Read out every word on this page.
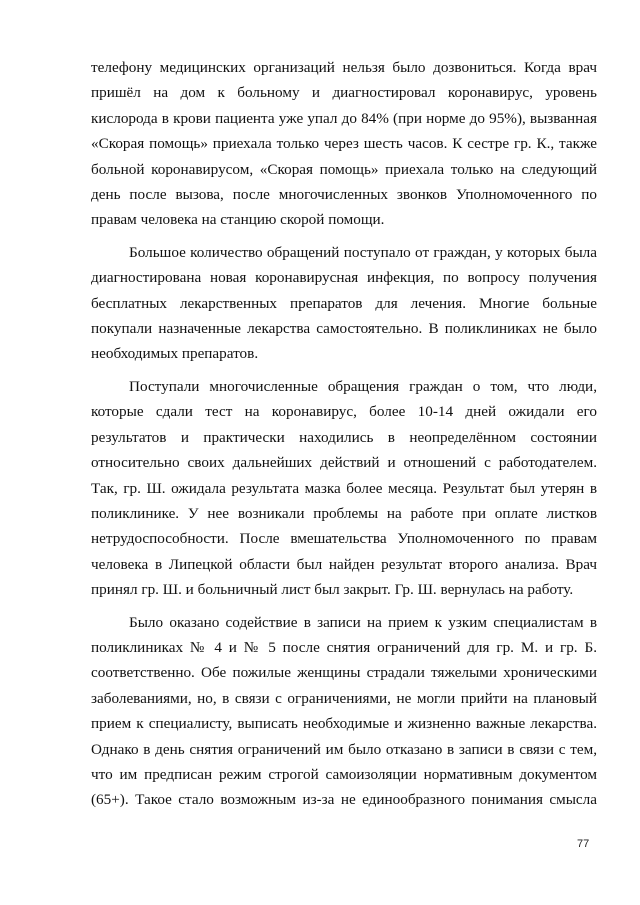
телефону медицинских организаций нельзя было дозвониться. Когда врач
пришёл на дом к больному и диагностировал коронавирус, уровень
кислорода в крови пациента уже упал до 84% (при норме до 95%), вызванная
«Скорая помощь» приехала только через шесть часов. К сестре гр. К., также
больной коронавирусом, «Скорая помощь» приехала только на следующий
день после вызова, после многочисленных звонков Уполномоченного по
правам человека на станцию скорой помощи.

Большое количество обращений поступало от граждан, у которых была
диагностирована новая коронавирусная инфекция, по вопросу получения
бесплатных лекарственных препаратов для лечения. Многие больные
покупали назначенные лекарства самостоятельно. В поликлиниках не было
необходимых препаратов.

Поступали многочисленные обращения граждан о том, что люди,
которые сдали тест на коронавирус, более 10-14 дней ожидали его
результатов и практически находились в неопределённом состоянии
относительно своих дальнейших действий и отношений с работодателем.
Так, гр. Ш. ожидала результата мазка более месяца. Результат был утерян в
поликлинике. У нее возникали проблемы на работе при оплате листков
нетрудоспособности. После вмешательства Уполномоченного по правам
человека в Липецкой области был найден результат второго анализа. Врач
принял гр. Ш. и больничный лист был закрыт. Гр. Ш. вернулась на работу.

Было оказано содействие в записи на прием к узким специалистам в
поликлиниках № 4 и № 5 после снятия ограничений для гр. М. и гр. Б.
соответственно. Обе пожилые женщины страдали тяжелыми хроническими
заболеваниями, но, в связи с ограничениями, не могли прийти на плановый
прием к специалисту, выписать необходимые и жизненно важные лекарства.
Однако в день снятия ограничений им было отказано в записи в связи с тем,
что им предписан режим строгой самоизоляции нормативным документом
(65+). Такое стало возможным из-за не единообразного понимания смысла

77
